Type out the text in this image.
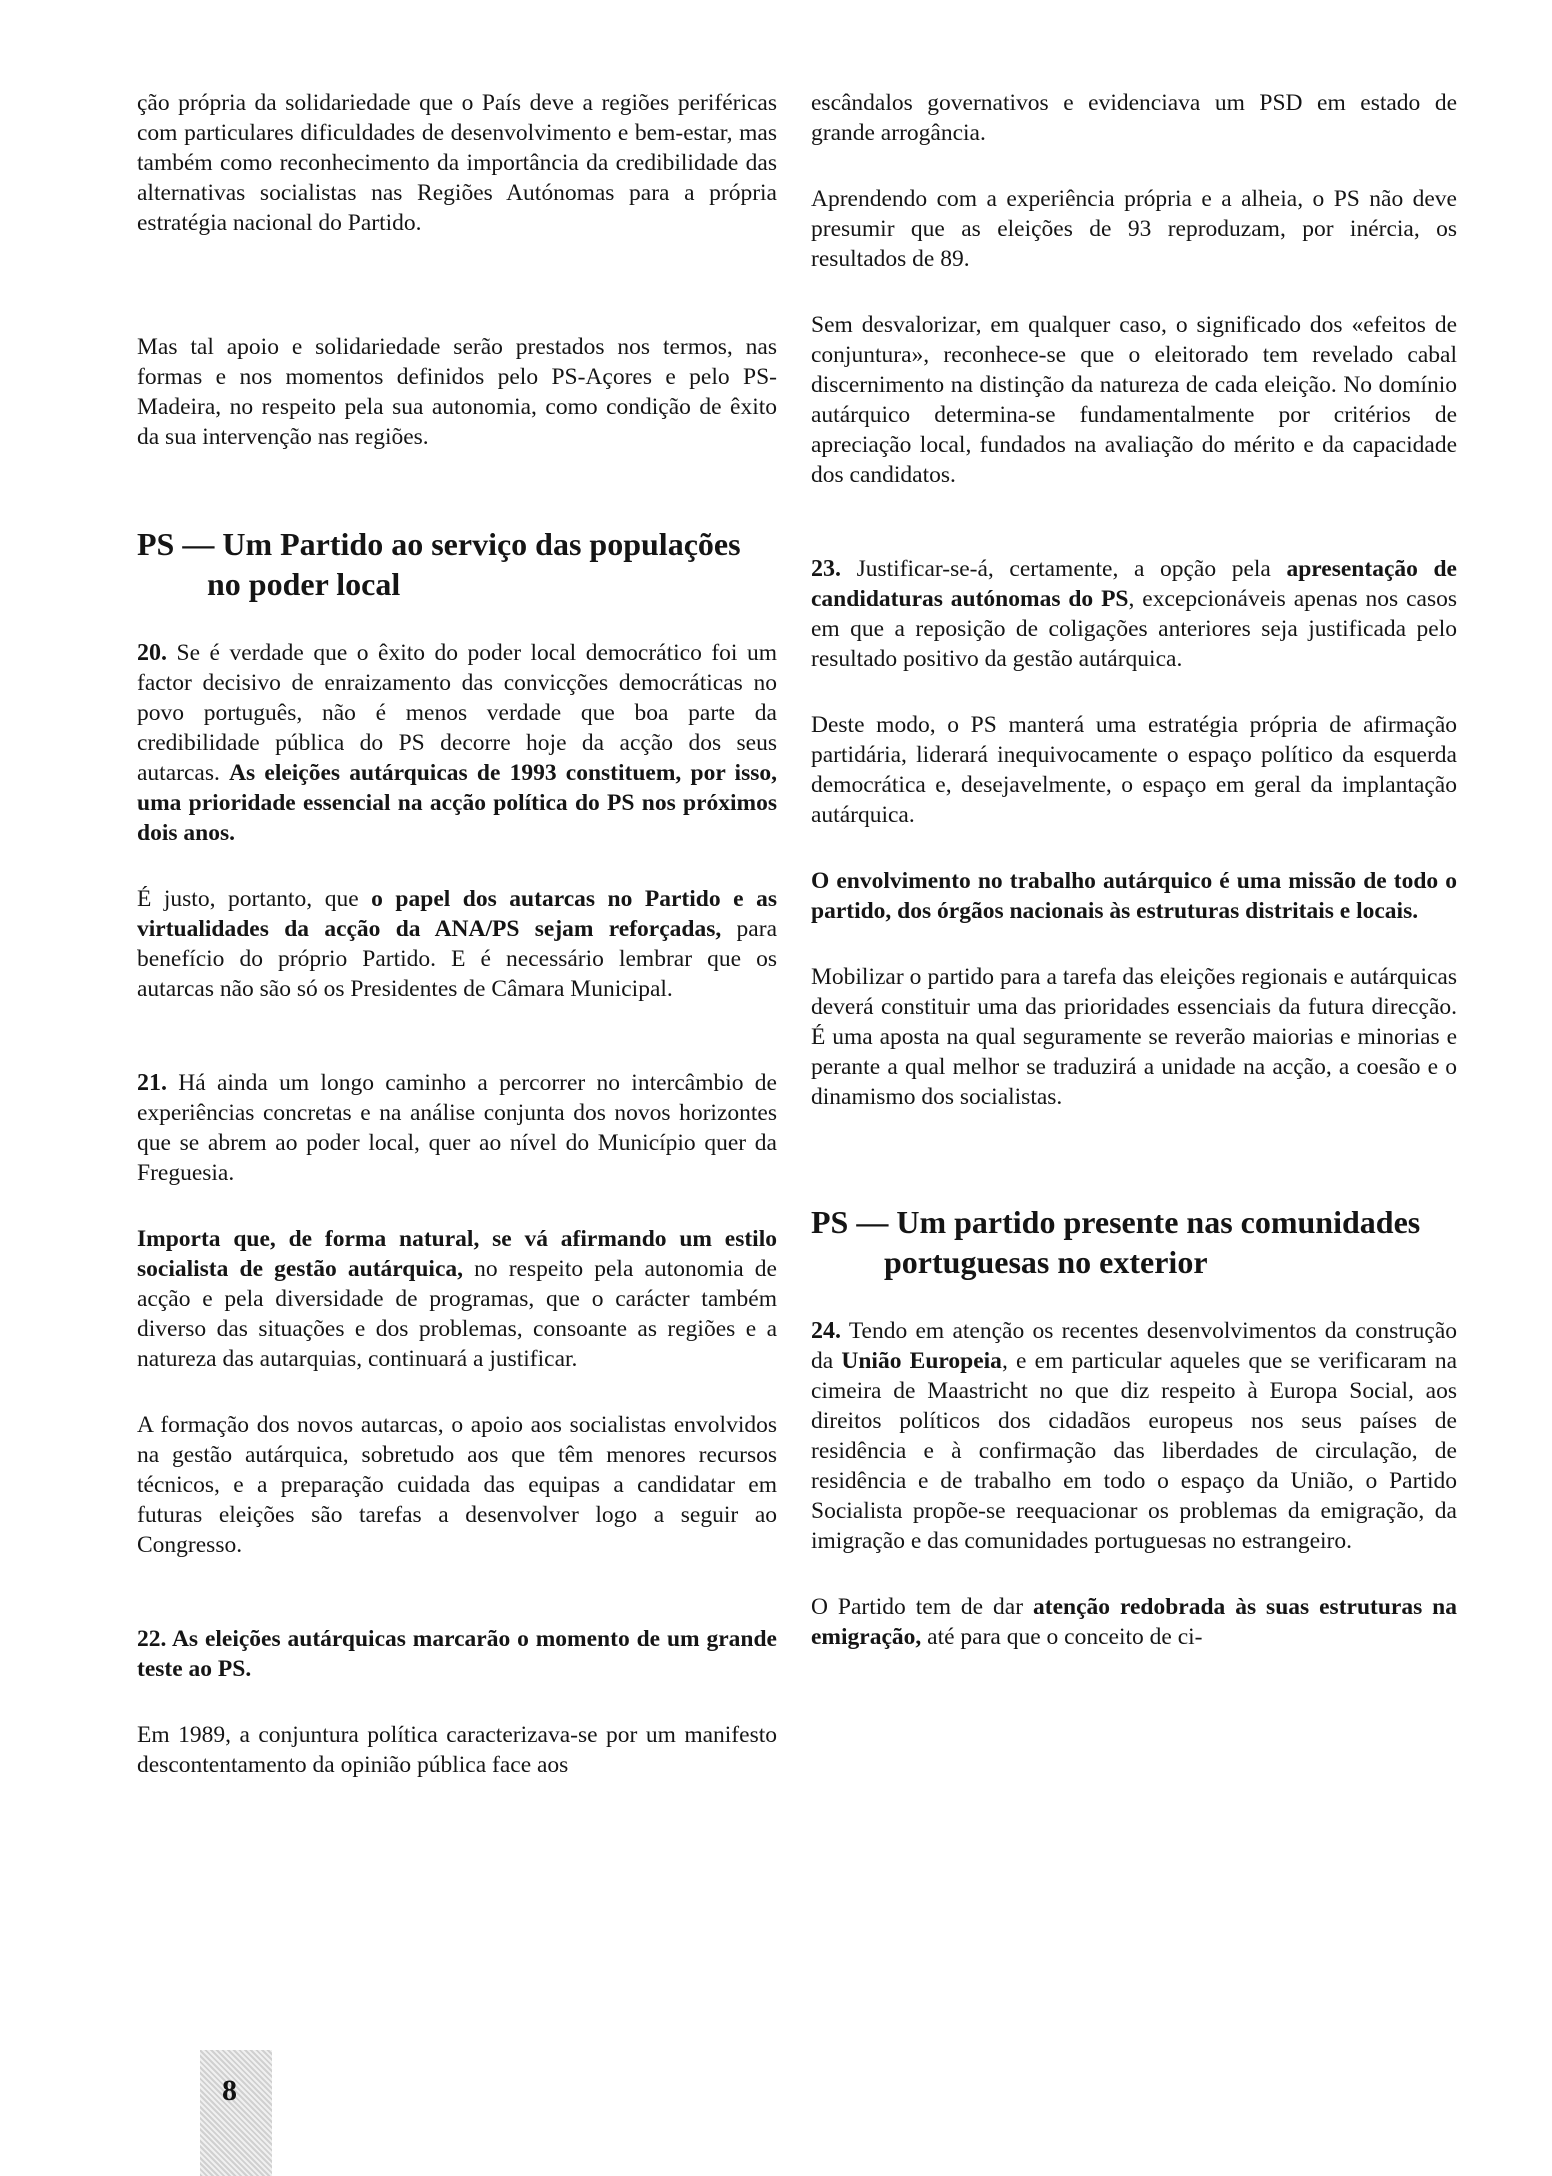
ção própria da solidariedade que o País deve a regiões periféricas com particulares dificuldades de desenvolvimento e bem-estar, mas também como reconhecimento da importância da credibilidade das alternativas socialistas nas Regiões Autónomas para a própria estratégia nacional do Partido.

Mas tal apoio e solidariedade serão prestados nos termos, nas formas e nos momentos definidos pelo PS-Açores e pelo PS-Madeira, no respeito pela sua autonomia, como condição de êxito da sua intervenção nas regiões.

PS — Um Partido ao serviço das populações
no poder local

20. Se é verdade que o êxito do poder local democrático foi um factor decisivo de enraizamento das convicções democráticas no povo português, não é menos verdade que boa parte da credibilidade pública do PS decorre hoje da acção dos seus autarcas. As eleições autárquicas de 1993 constituem, por isso, uma prioridade essencial na acção política do PS nos próximos dois anos.

É justo, portanto, que o papel dos autarcas no Partido e as virtualidades da acção da ANA/PS sejam reforçadas, para benefício do próprio Partido. E é necessário lembrar que os autarcas não são só os Presidentes de Câmara Municipal.

21. Há ainda um longo caminho a percorrer no intercâmbio de experiências concretas e na análise conjunta dos novos horizontes que se abrem ao poder local, quer ao nível do Município quer da Freguesia.

Importa que, de forma natural, se vá afirmando um estilo socialista de gestão autárquica, no respeito pela autonomia de acção e pela diversidade de programas, que o carácter também diverso das situações e dos problemas, consoante as regiões e a natureza das autarquias, continuará a justificar.

A formação dos novos autarcas, o apoio aos socialistas envolvidos na gestão autárquica, sobretudo aos que têm menores recursos técnicos, e a preparação cuidada das equipas a candidatar em futuras eleições são tarefas a desenvolver logo a seguir ao Congresso.

22. As eleições autárquicas marcarão o momento de um grande teste ao PS.

Em 1989, a conjuntura política caracterizava-se por um manifesto descontentamento da opinião pública face aos

escândalos governativos e evidenciava um PSD em estado de grande arrogância.

Aprendendo com a experiência própria e a alheia, o PS não deve presumir que as eleições de 93 reproduzam, por inércia, os resultados de 89.

Sem desvalorizar, em qualquer caso, o significado dos «efeitos de conjuntura», reconhece-se que o eleitorado tem revelado cabal discernimento na distinção da natureza de cada eleição. No domínio autárquico determina-se fundamentalmente por critérios de apreciação local, fundados na avaliação do mérito e da capacidade dos candidatos.

23. Justificar-se-á, certamente, a opção pela apresentação de candidaturas autónomas do PS, excepcionáveis apenas nos casos em que a reposição de coligações anteriores seja justificada pelo resultado positivo da gestão autárquica.

Deste modo, o PS manterá uma estratégia própria de afirmação partidária, liderará inequivocamente o espaço político da esquerda democrática e, desejavelmente, o espaço em geral da implantação autárquica.

O envolvimento no trabalho autárquico é uma missão de todo o partido, dos órgãos nacionais às estruturas distritais e locais.

Mobilizar o partido para a tarefa das eleições regionais e autárquicas deverá constituir uma das prioridades essenciais da futura direcção. É uma aposta na qual seguramente se reverão maiorias e minorias e perante a qual melhor se traduzirá a unidade na acção, a coesão e o dinamismo dos socialistas.

PS — Um partido presente nas comunidades
portuguesas no exterior

24. Tendo em atenção os recentes desenvolvimentos da construção da União Europeia, e em particular aqueles que se verificaram na cimeira de Maastricht no que diz respeito à Europa Social, aos direitos políticos dos cidadãos europeus nos seus países de residência e à confirmação das liberdades de circulação, de residência e de trabalho em todo o espaço da União, o Partido Socialista propõe-se reequacionar os problemas da emigração, da imigração e das comunidades portuguesas no estrangeiro.

O Partido tem de dar atenção redobrada às suas estruturas na emigração, até para que o conceito de ci-

8
